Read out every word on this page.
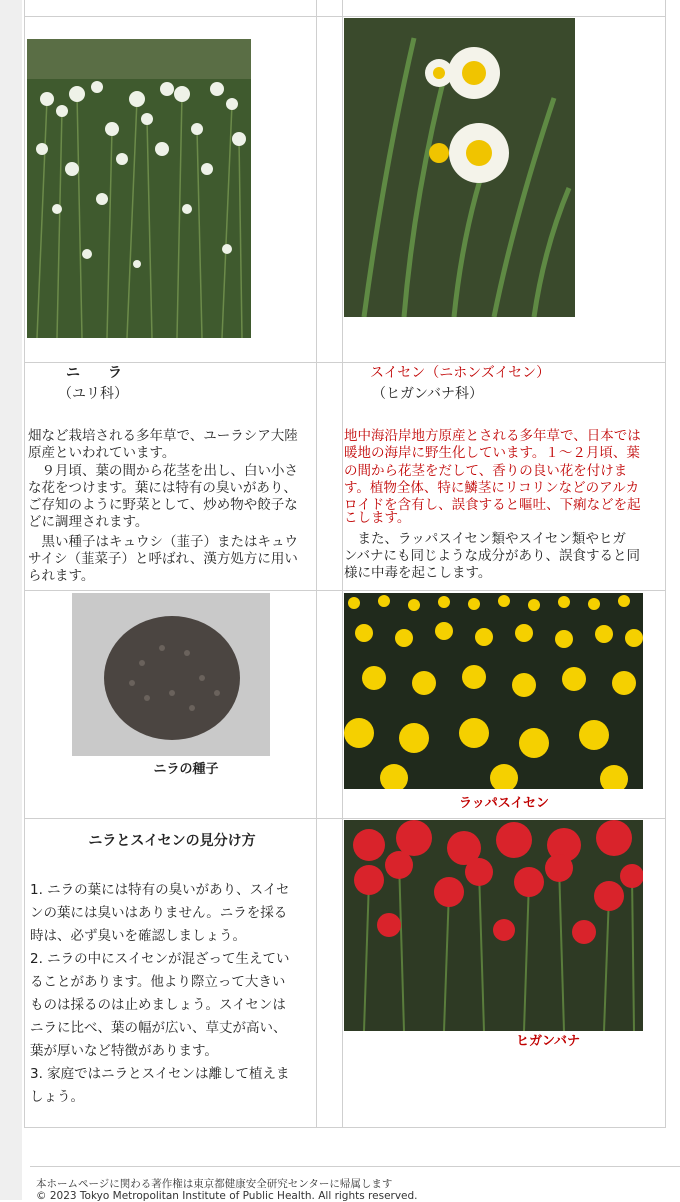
ニ　　ラ
（ユリ科）
スイセン（ニホンズイセン）
（ヒガンバナ科）

畑など栽培される多年草で、ユーラシア大陸

原産といわれています。

　９月頃、葉の間から花茎を出し、白い小さ

な花をつけます。葉には特有の臭いがあり、

ご存知のように野菜として、炒め物や餃子な

どに調理されます。

　黒い種子はキュウシ（韮子）またはキュウ

サイシ（韮菜子）と呼ばれ、漢方処方に用い

られます。

地中海沿岸地方原産とされる多年草で、日本では

暖地の海岸に野生化しています。１～２月頃、葉

の間から花茎をだして、香りの良い花を付けま

す。植物全体、特に鱗茎にリコリンなどのアルカ

ロイドを含有し、誤食すると嘔吐、下痢などを起

こします。

　また、ラッパスイセン類やスイセン類やヒガ

ンバナにも同じような成分があり、誤食すると同

様に中毒を起こします。

ニラの種子
ラッパスイセン
ニラとスイセンの見分け方

1. ニラの葉には特有の臭いがあり、スイセ

ンの葉には臭いはありません。ニラを採る

時は、必ず臭いを確認しましょう。

2. ニラの中にスイセンが混ざって生えてい

ることがあります。他より際立って大きい

ものは採るのは止めましょう。スイセンは

ニラに比べ、葉の幅が広い、草丈が高い、

葉が厚いなど特徴があります。

3. 家庭ではニラとスイセンは離して植えま

しょう。

ヒガンバナ
本ホームページに関わる著作権は東京都健康安全研究センターに帰属します
© 2023 Tokyo Metropolitan Institute of Public Health. All rights reserved.
